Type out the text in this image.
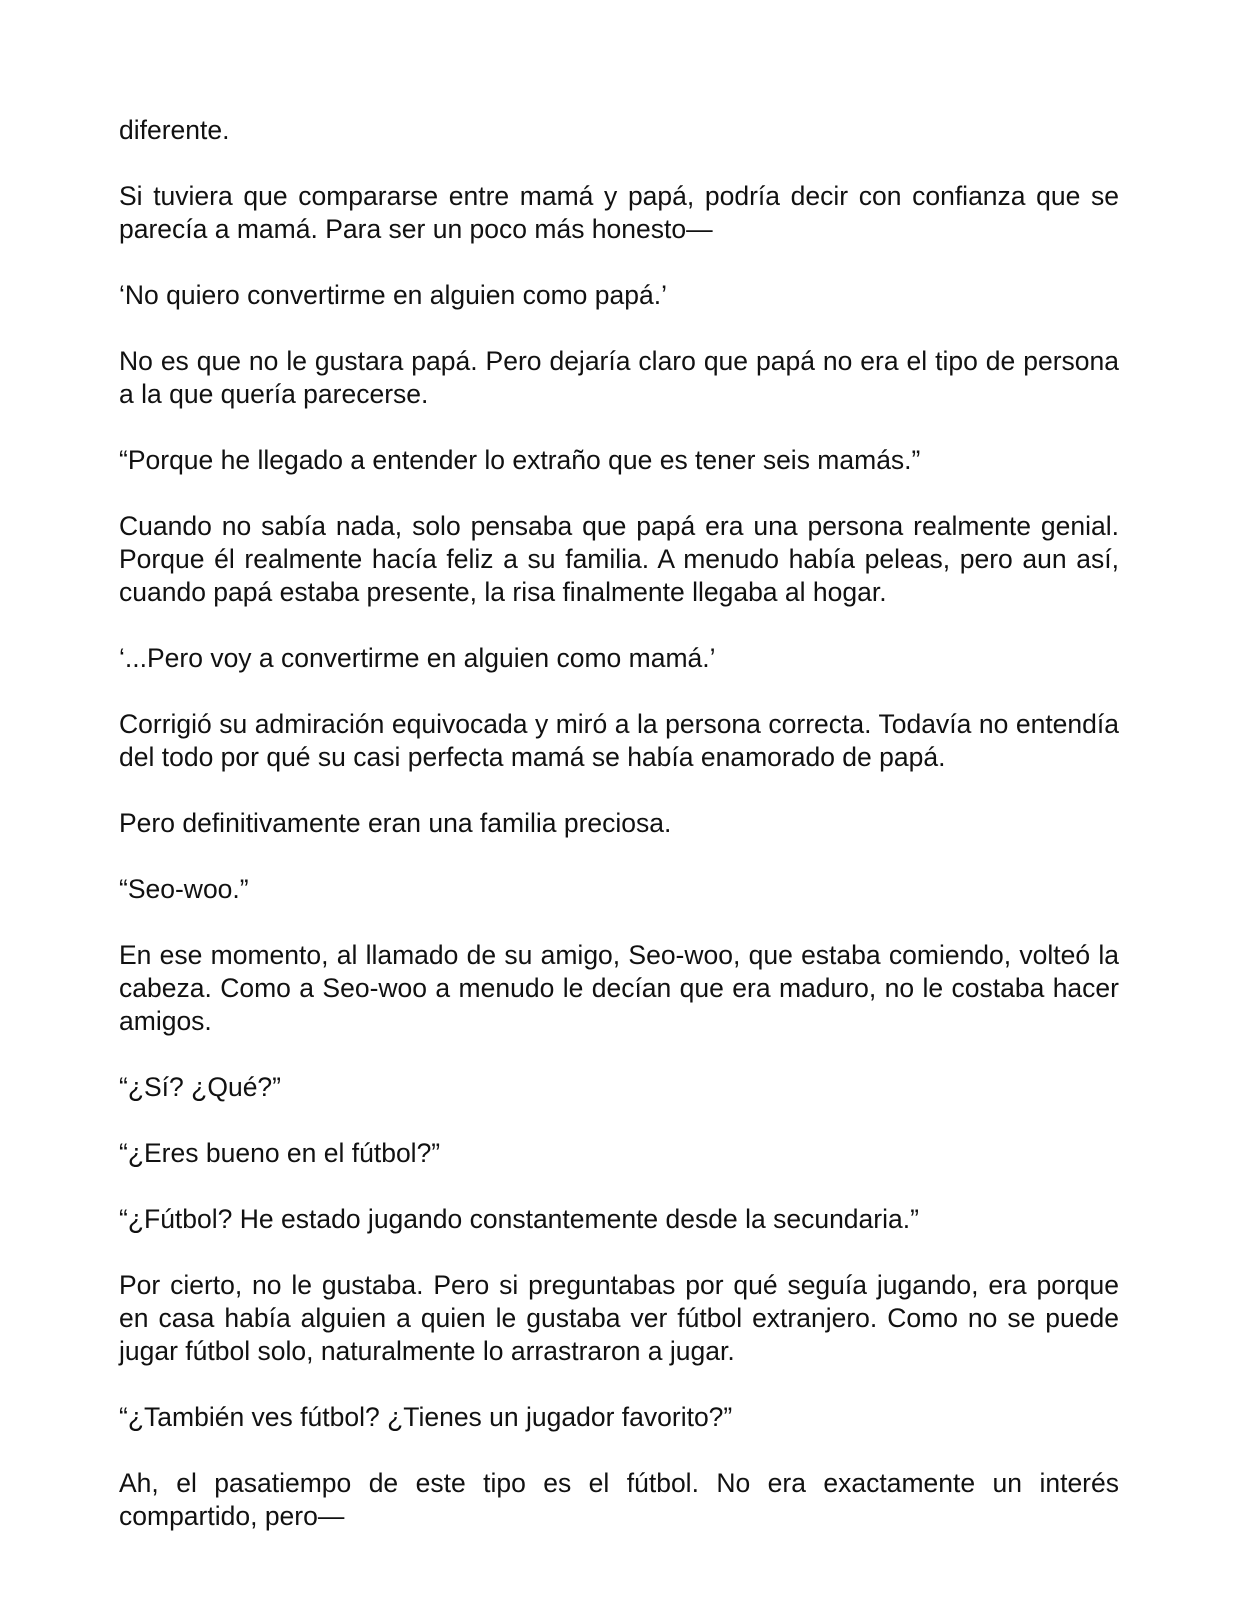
diferente.

Si tuviera que compararse entre mamá y papá, podría decir con confianza que se parecía a mamá. Para ser un poco más honesto—

‘No quiero convertirme en alguien como papá.’

No es que no le gustara papá. Pero dejaría claro que papá no era el tipo de persona a la que quería parecerse.

“Porque he llegado a entender lo extraño que es tener seis mamás.”

Cuando no sabía nada, solo pensaba que papá era una persona realmente genial. Porque él realmente hacía feliz a su familia. A menudo había peleas, pero aun así, cuando papá estaba presente, la risa finalmente llegaba al hogar.

‘...Pero voy a convertirme en alguien como mamá.’

Corrigió su admiración equivocada y miró a la persona correcta. Todavía no entendía del todo por qué su casi perfecta mamá se había enamorado de papá.

Pero definitivamente eran una familia preciosa.

“Seo-woo.”

En ese momento, al llamado de su amigo, Seo-woo, que estaba comiendo, volteó la cabeza. Como a Seo-woo a menudo le decían que era maduro, no le costaba hacer amigos.

“¿Sí? ¿Qué?”

“¿Eres bueno en el fútbol?”

“¿Fútbol? He estado jugando constantemente desde la secundaria.”

Por cierto, no le gustaba. Pero si preguntabas por qué seguía jugando, era porque en casa había alguien a quien le gustaba ver fútbol extranjero. Como no se puede jugar fútbol solo, naturalmente lo arrastraron a jugar.

“¿También ves fútbol? ¿Tienes un jugador favorito?”

Ah, el pasatiempo de este tipo es el fútbol. No era exactamente un interés compartido, pero—
